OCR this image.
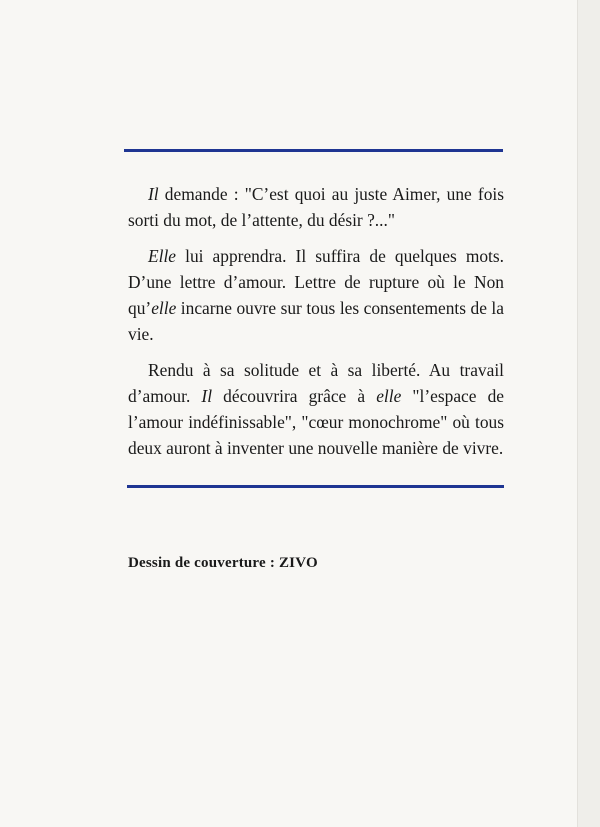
Il demande : "C’est quoi au juste Aimer, une fois sorti du mot, de l’attente, du désir ?..."

Elle lui apprendra. Il suffira de quelques mots. D’une lettre d’amour. Lettre de rupture où le Non qu’elle incarne ouvre sur tous les consentements de la vie.

Rendu à sa solitude et à sa liberté. Au travail d’amour. Il découvrira grâce à elle "l’espace de l’amour indéfinissable", "cœur monochrome" où tous deux auront à inventer une nouvelle manière de vivre.

Dessin de couverture : ZIVO
